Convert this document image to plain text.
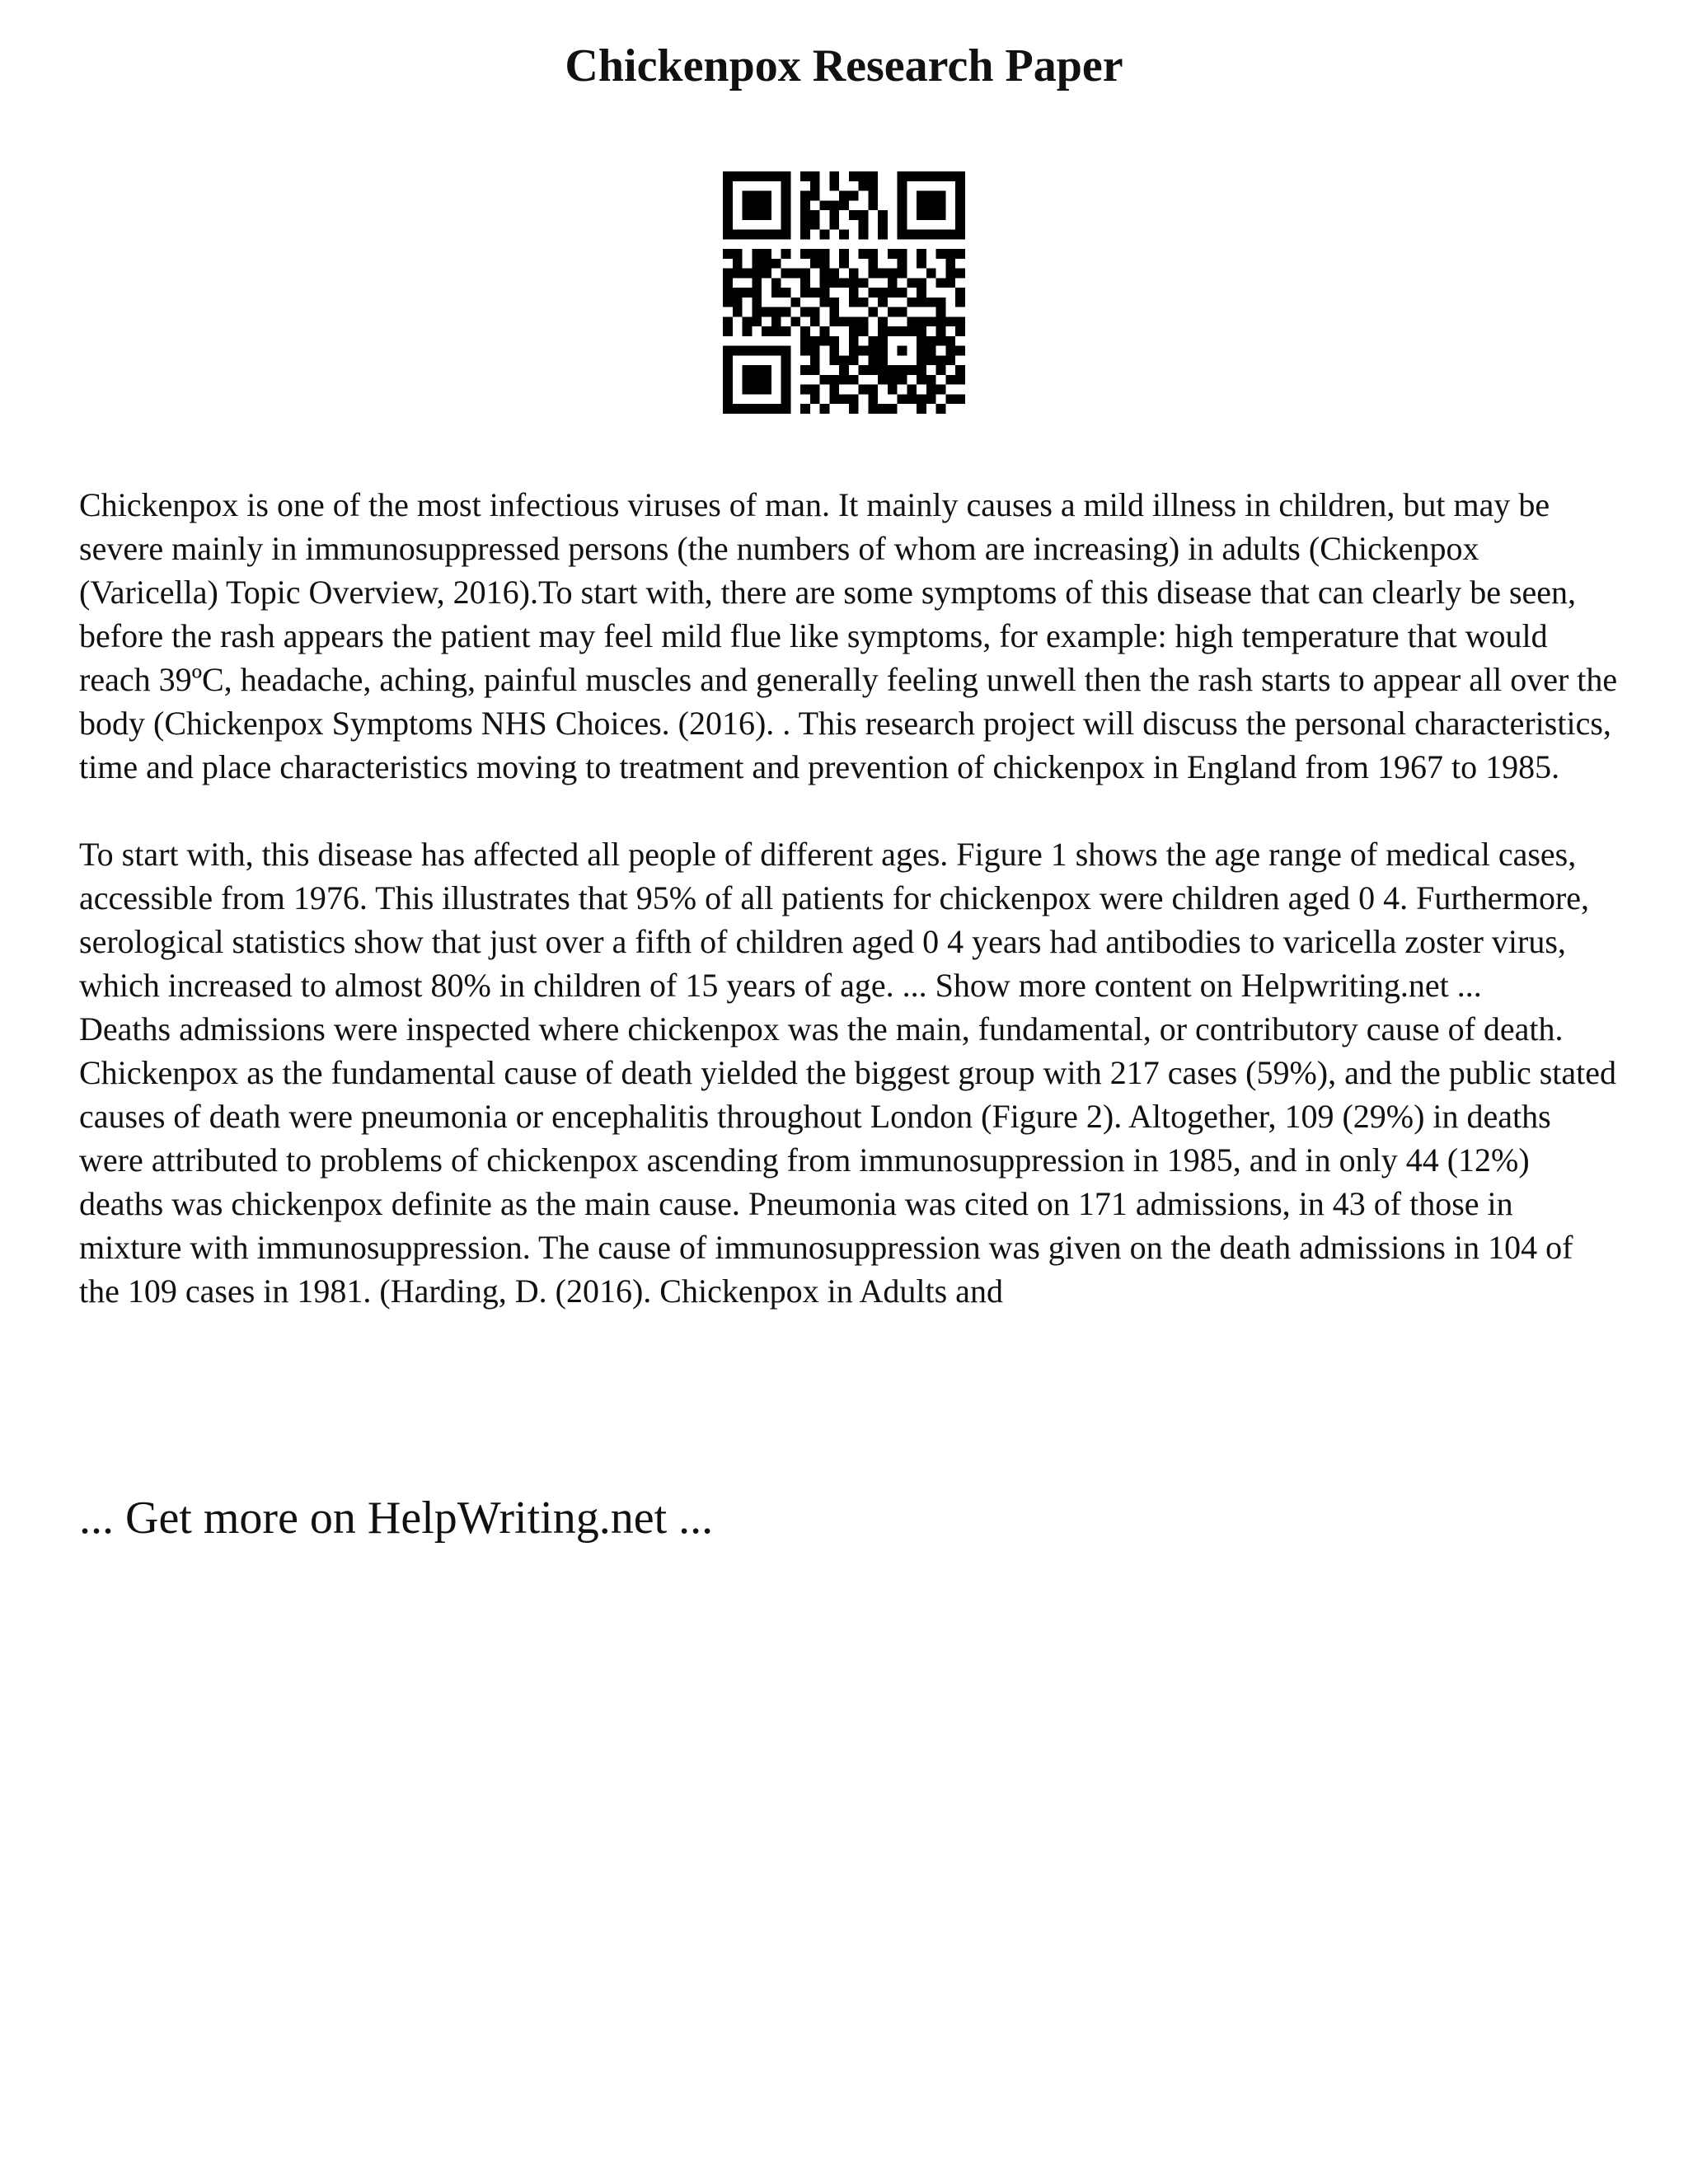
Chickenpox Research Paper

Chickenpox is one of the most infectious viruses of man. It mainly causes a mild illness in children, but may be severe mainly in immunosuppressed persons (the numbers of whom are increasing) in adults (Chickenpox (Varicella) Topic Overview, 2016).To start with, there are some symptoms of this disease that can clearly be seen, before the rash appears the patient may feel mild flue like symptoms, for example: high temperature that would reach 39ºC, headache, aching, painful muscles and generally feeling unwell then the rash starts to appear all over the body (Chickenpox Symptoms NHS Choices. (2016). . This research project will discuss the personal characteristics, time and place characteristics moving to treatment and prevention of chickenpox in England from 1967 to 1985.

To start with, this disease has affected all people of different ages. Figure 1 shows the age range of medical cases, accessible from 1976. This illustrates that 95% of all patients for chickenpox were children aged 0 4. Furthermore, serological statistics show that just over a fifth of children aged 0 4 years had antibodies to varicella zoster virus, which increased to almost 80% in children of 15 years of age. ... Show more content on Helpwriting.net ...

Deaths admissions were inspected where chickenpox was the main, fundamental, or contributory cause of death. Chickenpox as the fundamental cause of death yielded the biggest group with 217 cases (59%), and the public stated causes of death were pneumonia or encephalitis throughout London (Figure 2). Altogether, 109 (29%) in deaths were attributed to problems of chickenpox ascending from immunosuppression in 1985, and in only 44 (12%) deaths was chickenpox definite as the main cause. Pneumonia was cited on 171 admissions, in 43 of those in mixture with immunosuppression. The cause of immunosuppression was given on the death admissions in 104 of the 109 cases in 1981. (Harding, D. (2016). Chickenpox in Adults and

... Get more on HelpWriting.net ...
